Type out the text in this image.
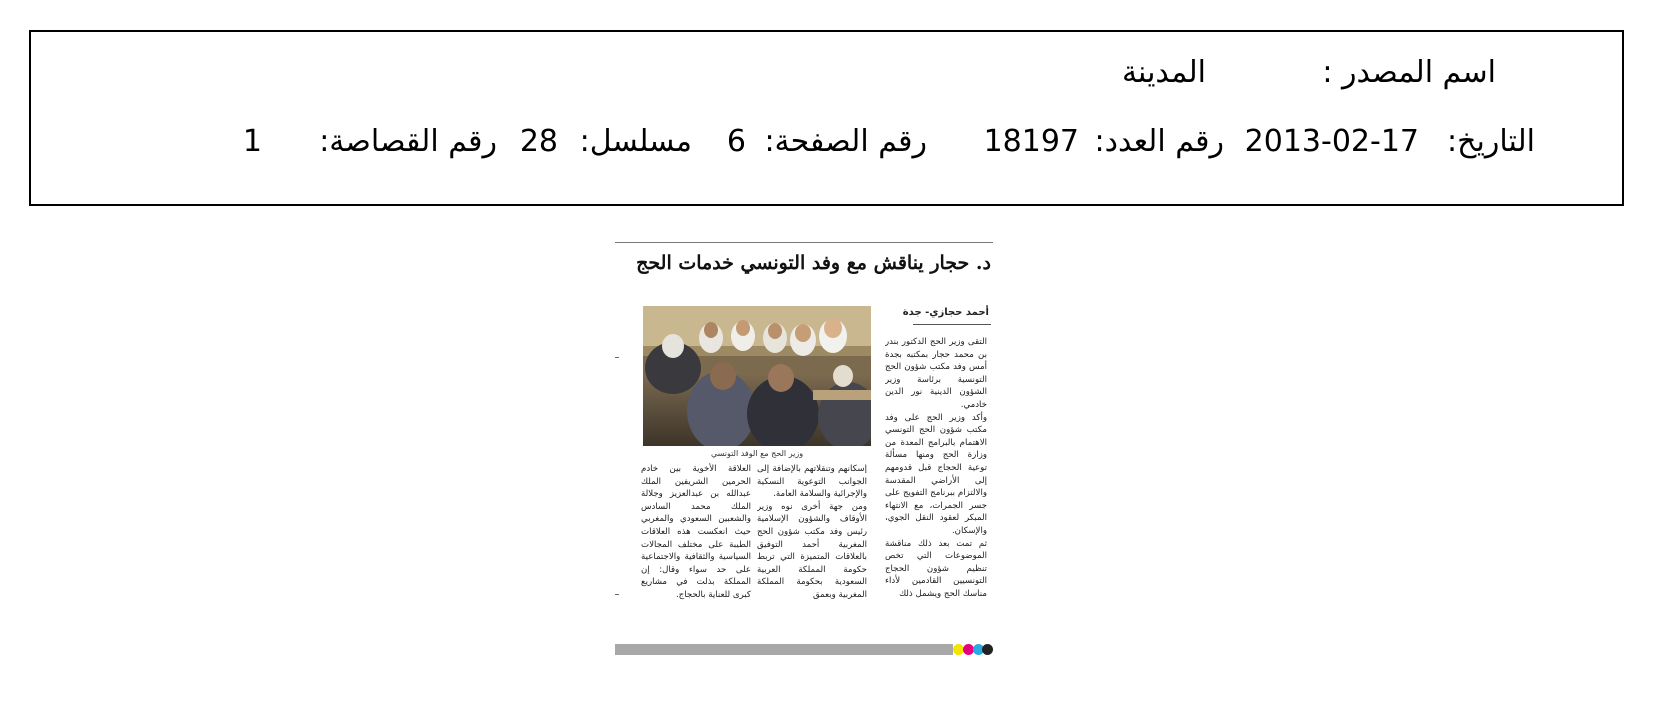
اسم المصدر :
المدينة
التاريخ:
2013-02-17
رقم العدد:
18197
رقم الصفحة:
6
مسلسل:
28
رقم القصاصة:
1
د. حجار يناقش مع وفد التونسي خدمات الحج
أحمد حجازي- جدة
وزير الحج مع الوفد التونسي

التقى وزير الحج الدكتور بندر بن محمد حجار بمكتبه بجدة أمس وفد مكتب شؤون الحج التونسية برئاسة وزير الشؤون الدينية نور الدين خادمي.

وأكد وزير الحج على وفد مكتب شؤون الحج التونسي الاهتمام بالبرامج المعدة من وزارة الحج ومنها مسألة توعية الحجاج قبل قدومهم إلى الأراضي المقدسة والالتزام ببرنامج التفويج على جسر الجمرات، مع الانتهاء المبكر لعقود النقل الجوي، والإسكان.

ثم تمت بعد ذلك مناقشة الموضوعات التي تخص تنظيم شؤون الحجاج التونسيين القادمين لأداء مناسك الحج ويشمل ذلك

إسكانهم وتنقلاتهم بالإضافة إلى الجوانب التوعوية النسكية والإجرائية والسلامة العامة.

ومن جهة أخرى نوه وزير الأوقاف والشؤون الإسلامية رئيس وفد مكتب شؤون الحج المغربية أحمد التوفيق بالعلاقات المتميزة التي تربط حكومة المملكة العربية السعودية بحكومة المملكة المغربية وبعمق

العلاقة الأخوية بين خادم الحرمين الشريفين الملك عبدالله بن عبدالعزيز وجلالة الملك محمد السادس والشعبين السعودي والمغربي حيث انعكست هذه العلاقات الطيبة على مختلف المجالات السياسية والثقافية والاجتماعية على حد سواء وقال: إن المملكة بذلت في مشاريع كبرى للعناية بالحجاج.
